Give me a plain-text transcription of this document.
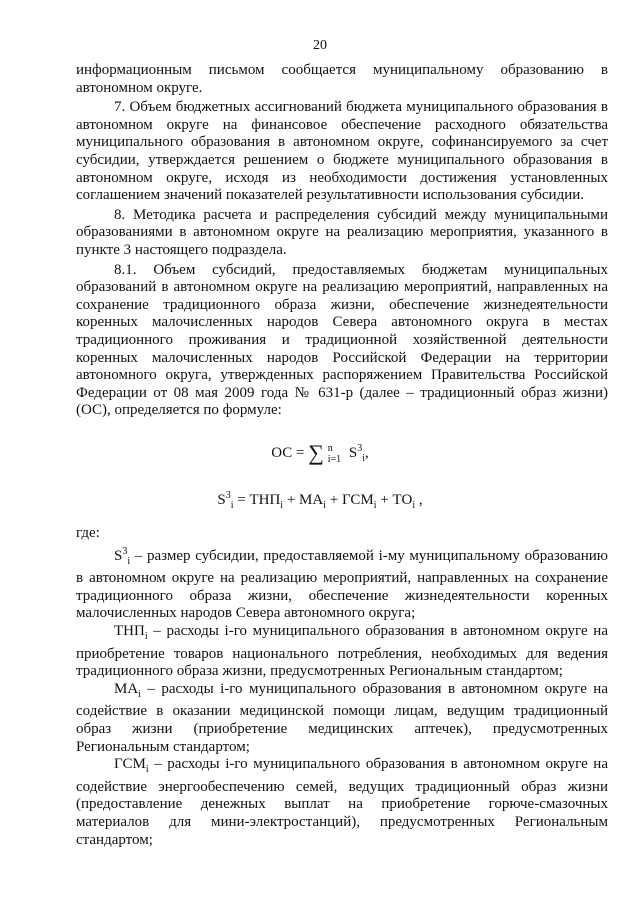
20

информационным письмом сообщается муниципальному образованию в автономном округе.

7. Объем бюджетных ассигнований бюджета муниципального образования в автономном округе на финансовое обеспечение расходного обязательства муниципального образования в автономном округе, софинансируемого за счет субсидии, утверждается решением о бюджете муниципального образования в автономном округе, исходя из необходимости достижения установленных соглашением значений показателей результативности использования субсидии.

8. Методика расчета и распределения субсидий между муниципальными образованиями в автономном округе на реализацию мероприятия, указанного в пункте 3 настоящего подраздела.

8.1. Объем субсидий, предоставляемых бюджетам муниципальных образований в автономном округе на реализацию мероприятий, направленных на сохранение традиционного образа жизни, обеспечение жизнедеятельности коренных малочисленных народов Севера автономного округа в местах традиционного проживания и традиционной хозяйственной деятельности коренных малочисленных народов Российской Федерации на территории автономного округа, утвержденных распоряжением Правительства Российской Федерации от 08 мая 2009 года № 631-р (далее – традиционный образ жизни) (ОС), определяется по формуле:

ОС = ∑ n
i=1 $S^3_i$,
$S^3_i = ТНП_i + МА_i + ГСМ_i + ТО_i$ ,

где:

$S^3_i$ – размер субсидии, предоставляемой i-му муниципальному образованию в автономном округе на реализацию мероприятий, направленных на сохранение традиционного образа жизни, обеспечение жизнедеятельности коренных малочисленных народов Севера автономного округа;

$ТНП_i$ – расходы i-го муниципального образования в автономном округе на приобретение товаров национального потребления, необходимых для ведения традиционного образа жизни, предусмотренных Региональным стандартом;

$МА_i$ – расходы i-го муниципального образования в автономном округе на содействие в оказании медицинской помощи лицам, ведущим традиционный образ жизни (приобретение медицинских аптечек), предусмотренных Региональным стандартом;

$ГСМ_i$ – расходы i-го муниципального образования в автономном округе на содействие энергообеспечению семей, ведущих традиционный образ жизни (предоставление денежных выплат на приобретение горюче-смазочных материалов для мини-электростанций), предусмотренных Региональным стандартом;
